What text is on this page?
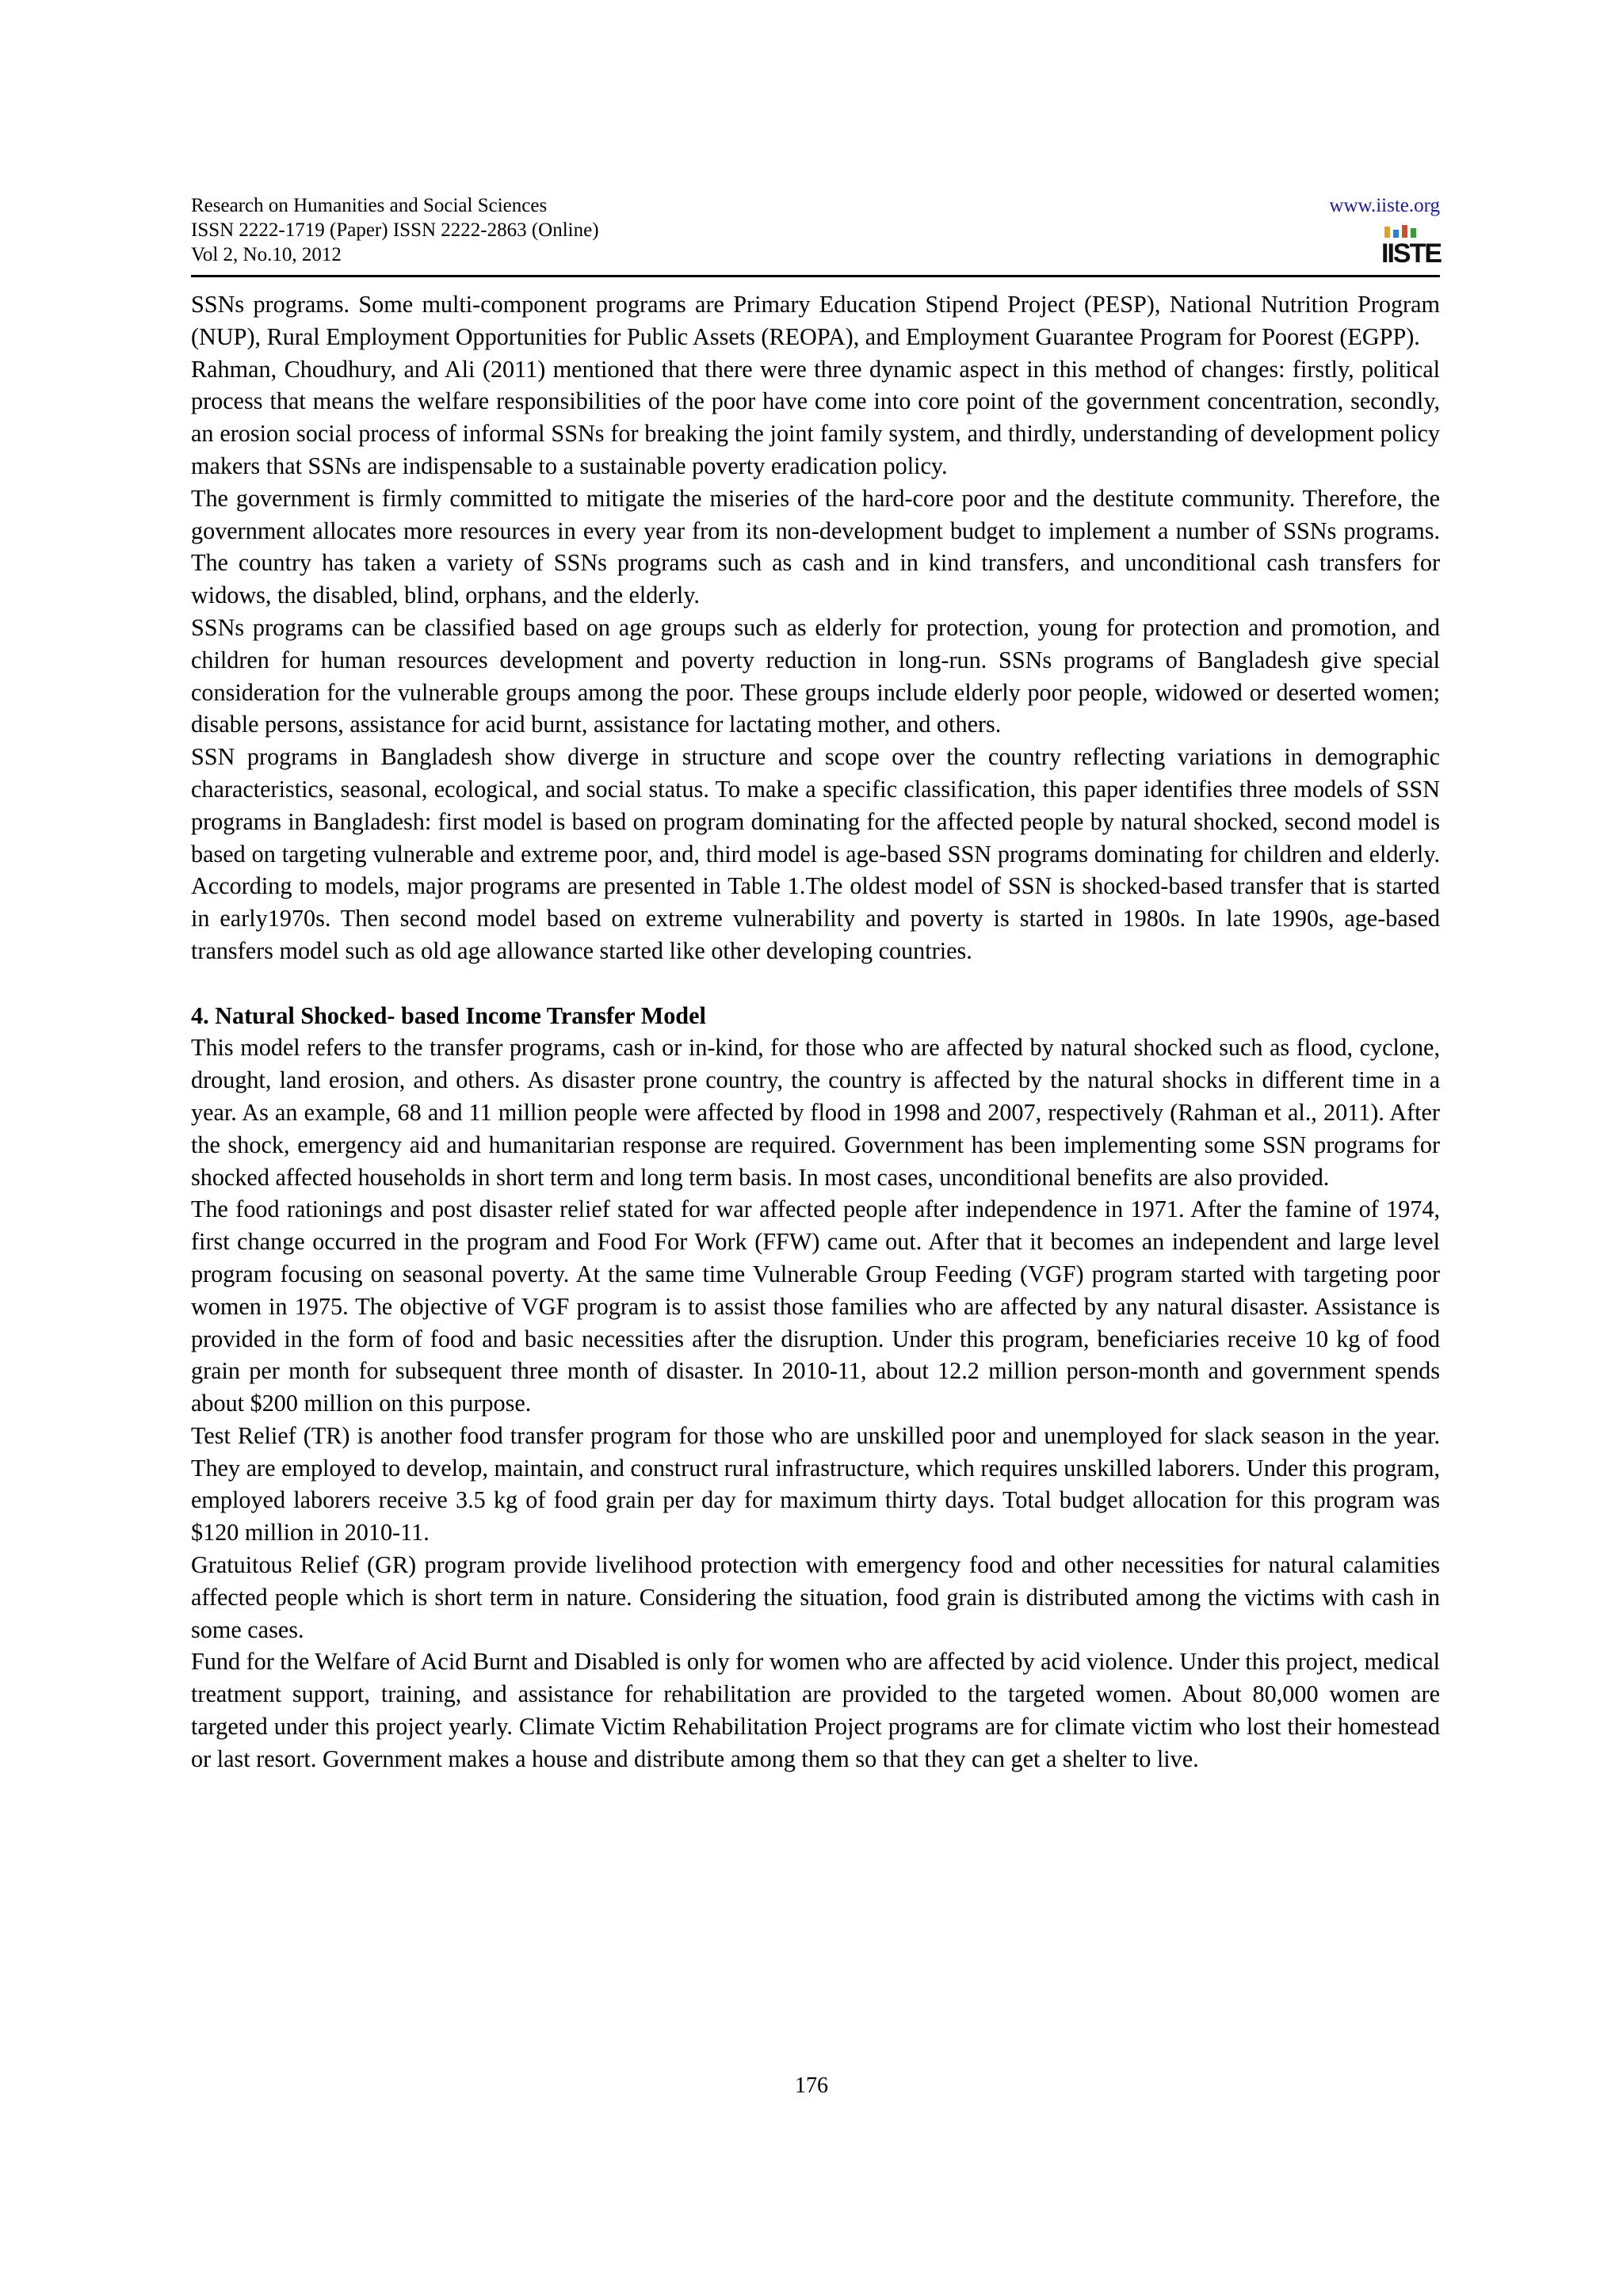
Research on Humanities and Social Sciences
ISSN 2222-1719 (Paper) ISSN 2222-2863 (Online)
Vol 2, No.10, 2012
www.iiste.org
IISTE

SSNs programs. Some multi-component programs are Primary Education Stipend Project (PESP), National Nutrition Program (NUP), Rural Employment Opportunities for Public Assets (REOPA), and Employment Guarantee Program for Poorest (EGPP).

Rahman, Choudhury, and Ali (2011) mentioned that there were three dynamic aspect in this method of changes: firstly, political process that means the welfare responsibilities of the poor have come into core point of the government concentration, secondly, an erosion social process of informal SSNs for breaking the joint family system, and thirdly, understanding of development policy makers that SSNs are indispensable to a sustainable poverty eradication policy.

The government is firmly committed to mitigate the miseries of the hard-core poor and the destitute community. Therefore, the government allocates more resources in every year from its non-development budget to implement a number of SSNs programs. The country has taken a variety of SSNs programs such as cash and in kind transfers, and unconditional cash transfers for widows, the disabled, blind, orphans, and the elderly.

SSNs programs can be classified based on age groups such as elderly for protection, young for protection and promotion, and children for human resources development and poverty reduction in long-run. SSNs programs of Bangladesh give special consideration for the vulnerable groups among the poor. These groups include elderly poor people, widowed or deserted women; disable persons, assistance for acid burnt, assistance for lactating mother, and others.

SSN programs in Bangladesh show diverge in structure and scope over the country reflecting variations in demographic characteristics, seasonal, ecological, and social status. To make a specific classification, this paper identifies three models of SSN programs in Bangladesh: first model is based on program dominating for the affected people by natural shocked, second model is based on targeting vulnerable and extreme poor, and, third model is age-based SSN programs dominating for children and elderly. According to models, major programs are presented in Table 1.The oldest model of SSN is shocked-based transfer that is started in early1970s. Then second model based on extreme vulnerability and poverty is started in 1980s. In late 1990s, age-based transfers model such as old age allowance started like other developing countries.

4. Natural Shocked- based Income Transfer Model

This model refers to the transfer programs, cash or in-kind, for those who are affected by natural shocked such as flood, cyclone, drought, land erosion, and others. As disaster prone country, the country is affected by the natural shocks in different time in a year. As an example, 68 and 11 million people were affected by flood in 1998 and 2007, respectively (Rahman et al., 2011). After the shock, emergency aid and humanitarian response are required. Government has been implementing some SSN programs for shocked affected households in short term and long term basis. In most cases, unconditional benefits are also provided.

The food rationings and post disaster relief stated for war affected people after independence in 1971. After the famine of 1974, first change occurred in the program and Food For Work (FFW) came out. After that it becomes an independent and large level program focusing on seasonal poverty. At the same time Vulnerable Group Feeding (VGF) program started with targeting poor women in 1975. The objective of VGF program is to assist those families who are affected by any natural disaster. Assistance is provided in the form of food and basic necessities after the disruption. Under this program, beneficiaries receive 10 kg of food grain per month for subsequent three month of disaster. In 2010-11, about 12.2 million person-month and government spends about $200 million on this purpose.

Test Relief (TR) is another food transfer program for those who are unskilled poor and unemployed for slack season in the year. They are employed to develop, maintain, and construct rural infrastructure, which requires unskilled laborers. Under this program, employed laborers receive 3.5 kg of food grain per day for maximum thirty days. Total budget allocation for this program was $120 million in 2010-11.

Gratuitous Relief (GR) program provide livelihood protection with emergency food and other necessities for natural calamities affected people which is short term in nature. Considering the situation, food grain is distributed among the victims with cash in some cases.

Fund for the Welfare of Acid Burnt and Disabled is only for women who are affected by acid violence. Under this project, medical treatment support, training, and assistance for rehabilitation are provided to the targeted women. About 80,000 women are targeted under this project yearly. Climate Victim Rehabilitation Project programs are for climate victim who lost their homestead or last resort. Government makes a house and distribute among them so that they can get a shelter to live.

176
